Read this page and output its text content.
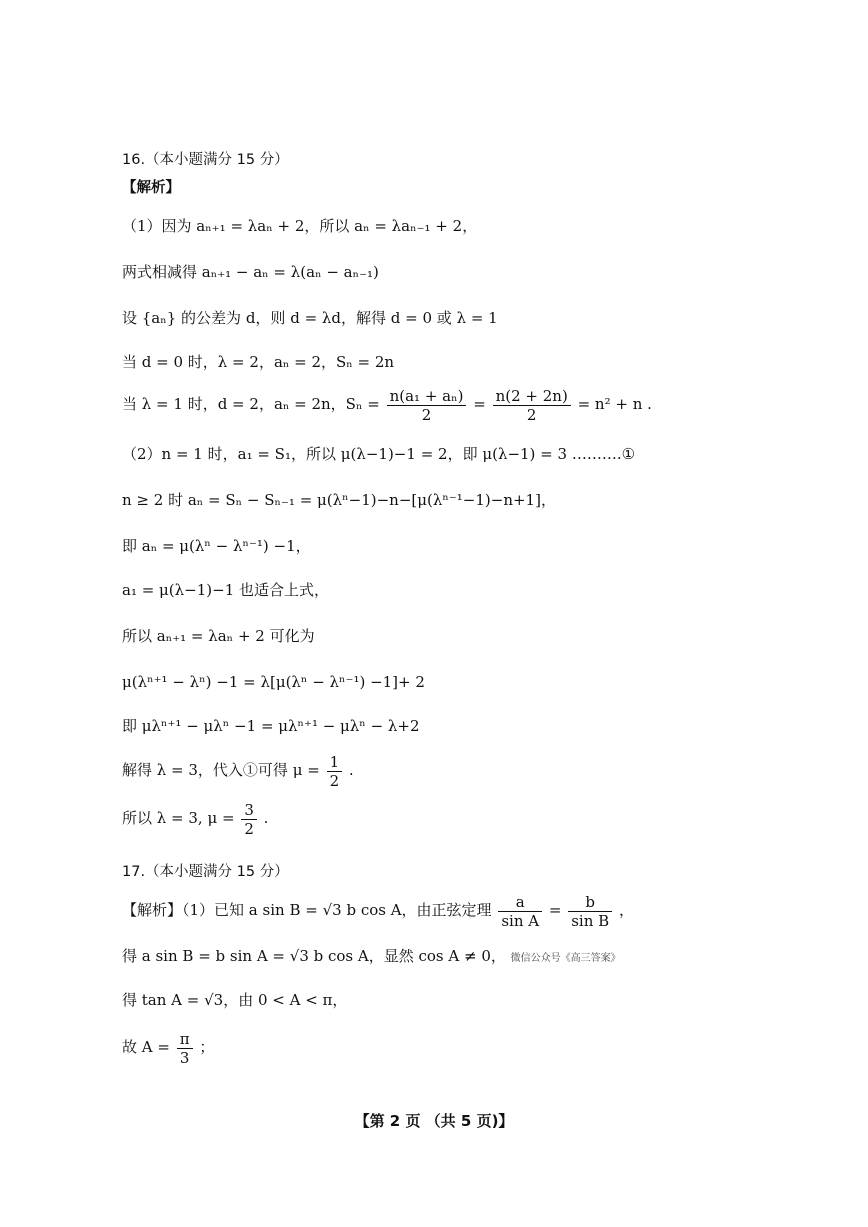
16.（本小题满分 15 分）
【解析】
（1）因为 aₙ₊₁ = λaₙ + 2，所以 aₙ = λaₙ₋₁ + 2，
两式相减得 aₙ₊₁ − aₙ = λ(aₙ − aₙ₋₁)
设 {aₙ} 的公差为 d，则 d = λd，解得 d = 0 或 λ = 1
当 d = 0 时，λ = 2，aₙ = 2，Sₙ = 2n
当 λ = 1 时，d = 2，aₙ = 2n，$S_n = \frac{\text{n(a₁ + aₙ)}}{2} = \frac{n(2 + 2n)}{2} = n^2 + n$ .
（2）n = 1 时，a₁ = S₁，所以 μ(λ−1)−1 = 2，即 μ(λ−1) = 3 ……….①
n ≥ 2 时 aₙ = Sₙ − Sₙ₋₁ = μ(λⁿ−1)−n−[μ(λⁿ⁻¹−1)−n+1]，
即 aₙ = μ(λⁿ − λⁿ⁻¹) −1，
a₁ = μ(λ−1)−1 也适合上式，
所以 aₙ₊₁ = λaₙ + 2 可化为
μ(λⁿ⁺¹ − λⁿ) −1 = λ[μ(λⁿ − λⁿ⁻¹) −1]+ 2
即 μλⁿ⁺¹ − μλⁿ −1 = μλⁿ⁺¹ − μλⁿ − λ+2
解得 λ = 3，代入①可得 $\mu = \frac{1}{2}$ .
所以 λ = 3, $\mu = \frac{3}{2}$ .
17.（本小题满分 15 分）
【解析】（1）已知 a sin B = √3 b cos A，由正弦定理 $\frac{a}{\text{sin A}} = \frac{b}{\text{sin B}}$ ，
得 a sin B = b sin A = √3 b cos A，显然 cos A ≠ 0， 微信公众号《高三答案》
得 tan A = √3，由 0 < A < π，
故 $A = \frac{\pi}{3}$ ；
【第 2 页 （共 5 页)】
